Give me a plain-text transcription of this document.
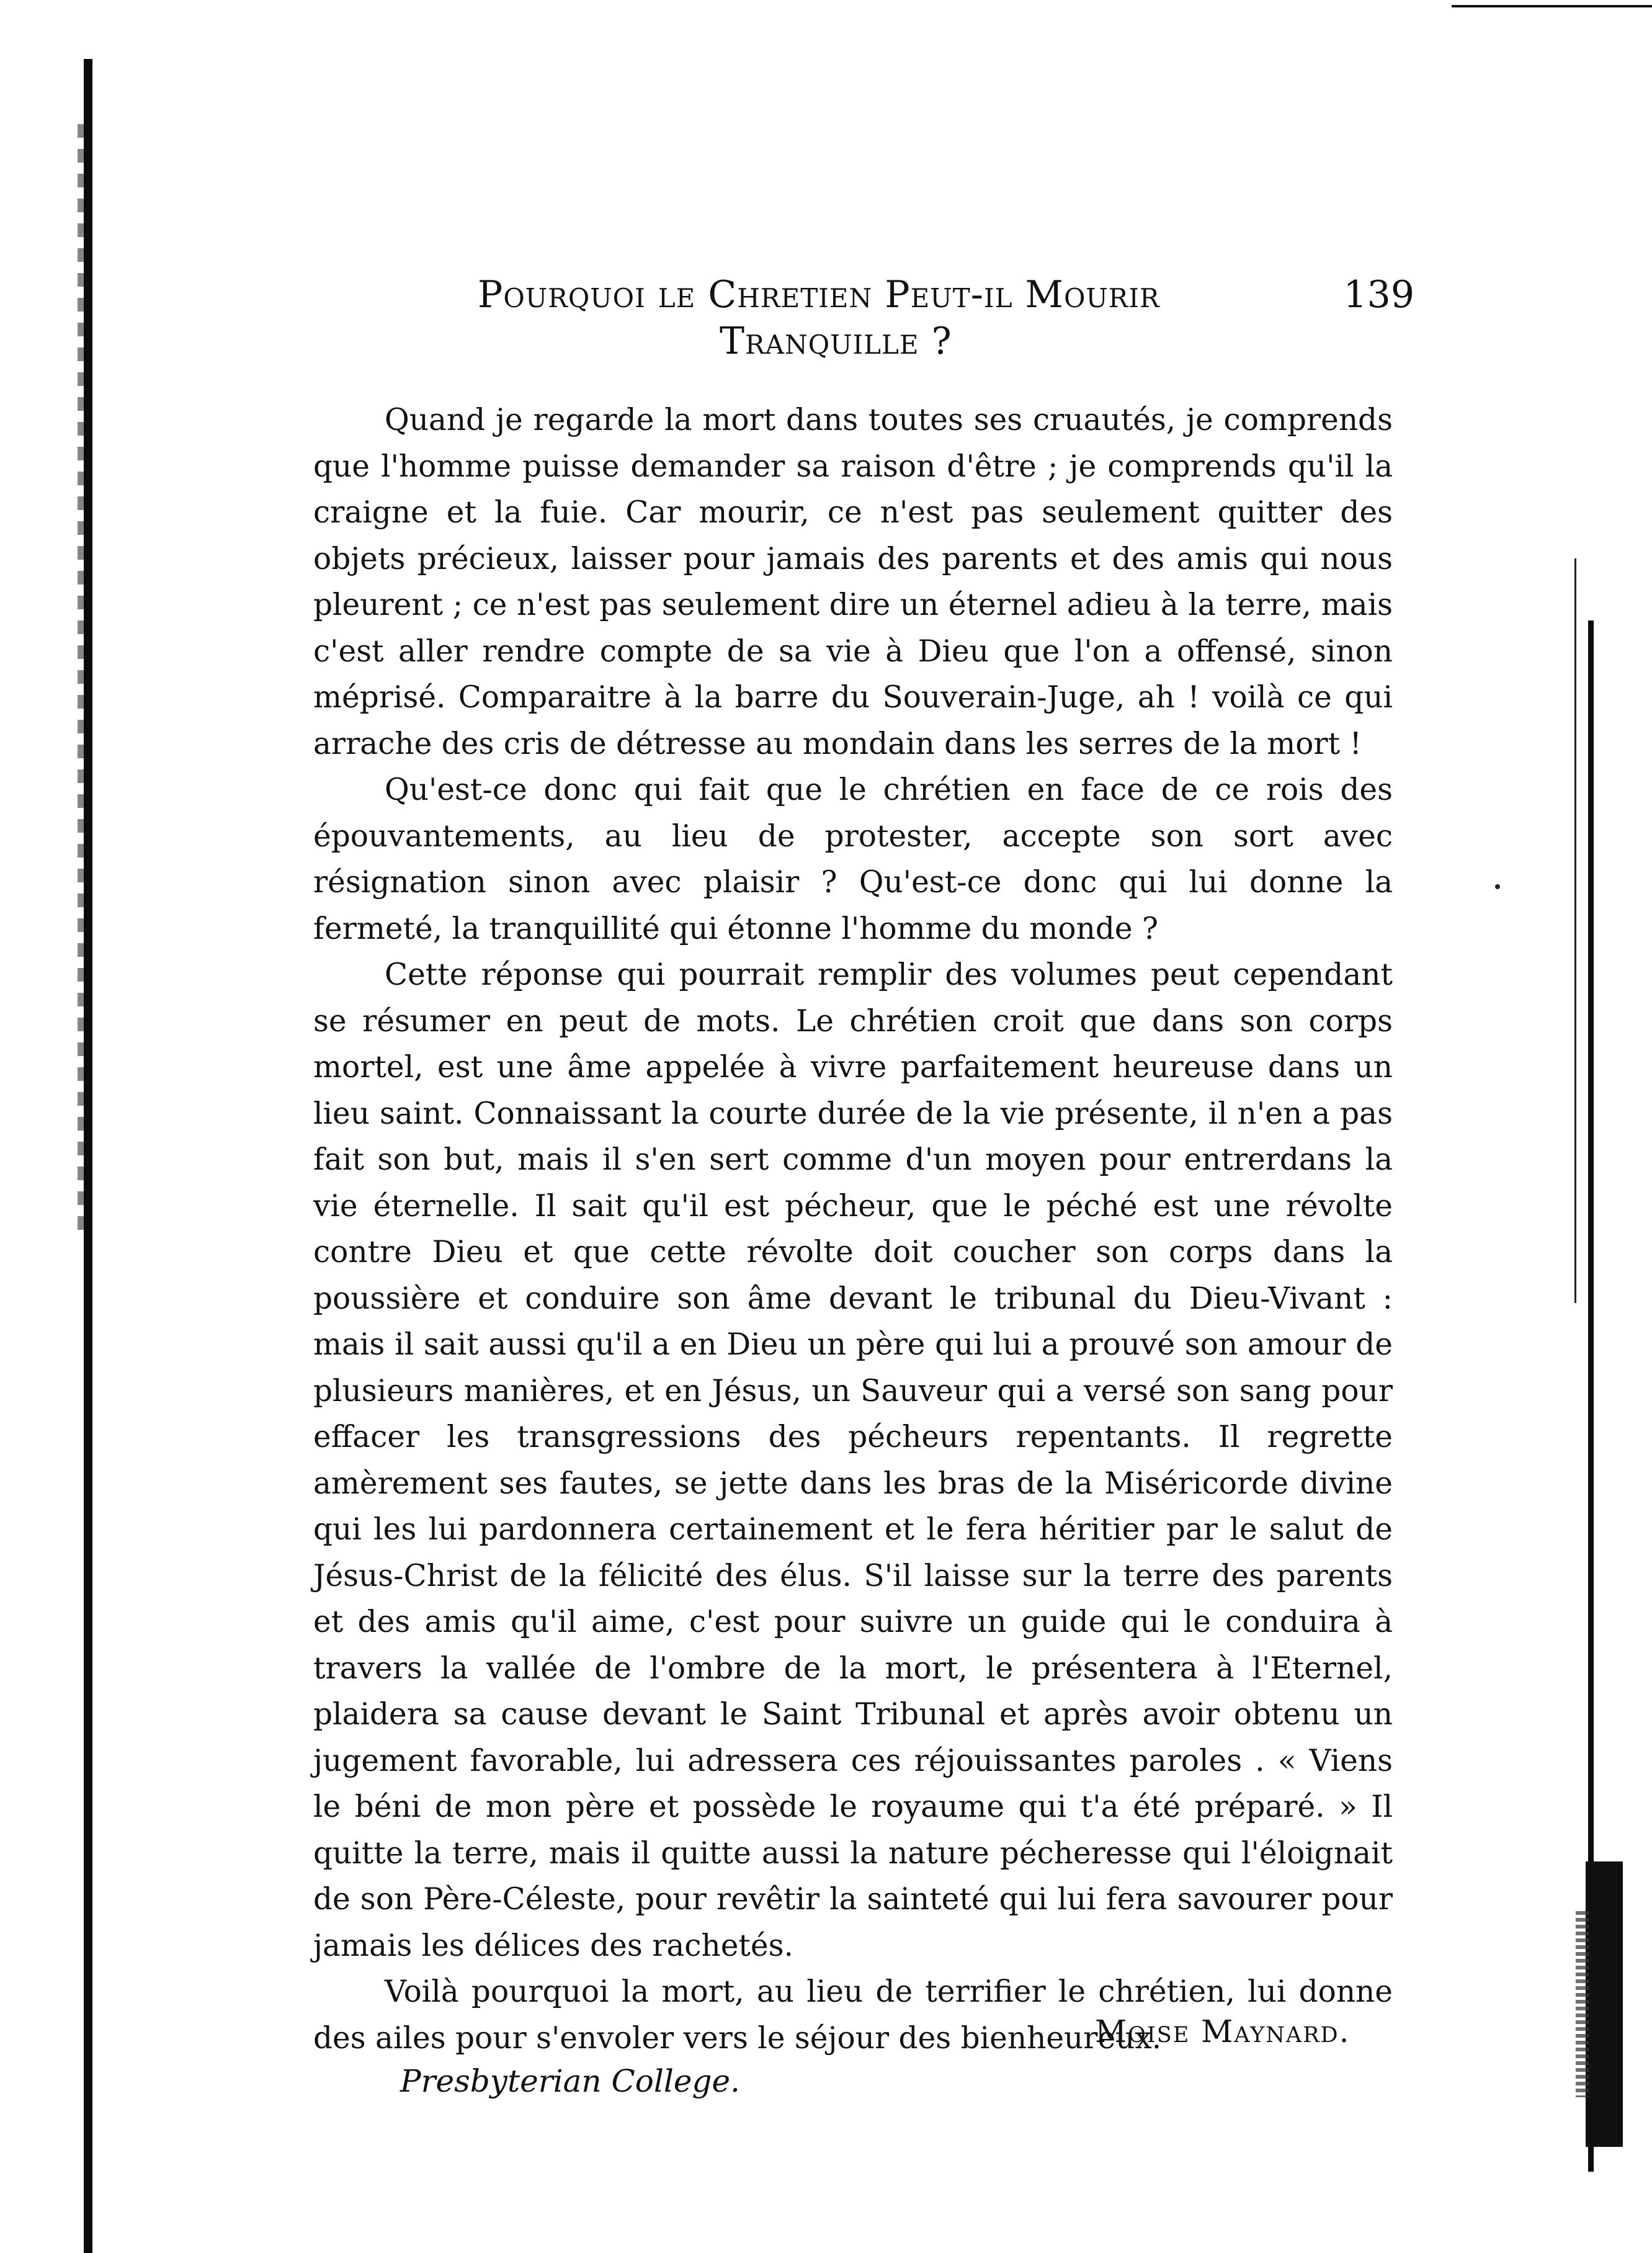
Pourquoi le Chretien Peut-il Mourir	139
Tranquille ?

Quand je regarde la mort dans toutes ses cruautés, je comprends que l'homme puisse demander sa raison d'être ; je comprends qu'il la craigne et la fuie. Car mourir, ce n'est pas seulement quitter des objets précieux, laisser pour jamais des parents et des amis qui nous pleurent ; ce n'est pas seulement dire un éternel adieu à la terre, mais c'est aller rendre compte de sa vie à Dieu que l'on a offensé, sinon méprisé. Comparaitre à la barre du Souverain-Juge, ah ! voilà ce qui arrache des cris de détresse au mondain dans les serres de la mort !

Qu'est-ce donc qui fait que le chrétien en face de ce rois des épouvantements, au lieu de protester, accepte son sort avec résignation sinon avec plaisir ? Qu'est-ce donc qui lui donne la fermeté, la tranquillité qui étonne l'homme du monde ?

Cette réponse qui pourrait remplir des volumes peut cependant se résumer en peut de mots. Le chrétien croit que dans son corps mortel, est une âme appelée à vivre parfaitement heureuse dans un lieu saint. Connaissant la courte durée de la vie présente, il n'en a pas fait son but, mais il s'en sert comme d'un moyen pour entrerdans la vie éternelle. Il sait qu'il est pécheur, que le péché est une révolte contre Dieu et que cette révolte doit coucher son corps dans la poussière et conduire son âme devant le tribunal du Dieu-Vivant : mais il sait aussi qu'il a en Dieu un père qui lui a prouvé son amour de plusieurs manières, et en Jésus, un Sauveur qui a versé son sang pour effacer les transgressions des pécheurs repentants. Il regrette amèrement ses fautes, se jette dans les bras de la Miséricorde divine qui les lui pardonnera certainement et le fera héritier par le salut de Jésus-Christ de la félicité des élus. S'il laisse sur la terre des parents et des amis qu'il aime, c'est pour suivre un guide qui le conduira à travers la vallée de l'ombre de la mort, le présentera à l'Eternel, plaidera sa cause devant le Saint Tribunal et après avoir obtenu un jugement favorable, lui adressera ces réjouissantes paroles . « Viens le béni de mon père et possède le royaume qui t'a été préparé. » Il quitte la terre, mais il quitte aussi la nature pécheresse qui l'éloignait de son Père-Céleste, pour revêtir la sainteté qui lui fera savourer pour jamais les délices des rachetés.

Voilà pourquoi la mort, au lieu de terrifier le chrétien, lui donne des ailes pour s'envoler vers le séjour des bienheureux.

Moise Maynard.
Presbyterian College.
